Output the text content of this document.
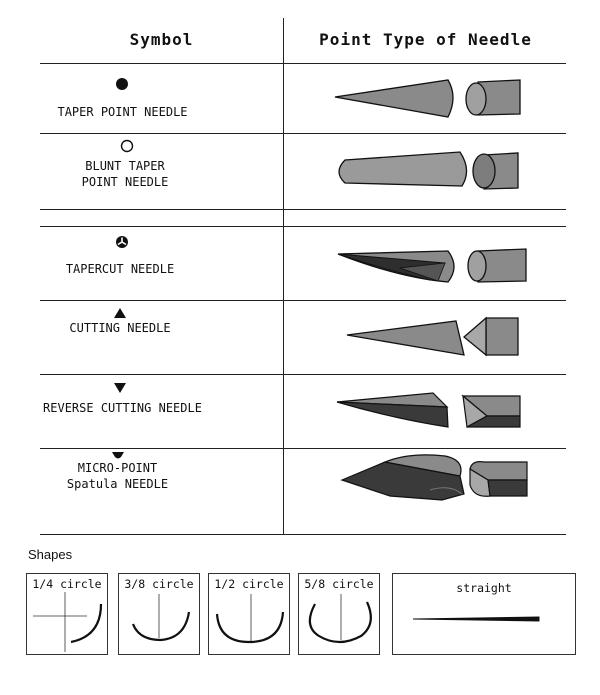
Symbol	Point Type of Needle
TAPER POINT NEEDLE
BLUNT TAPER
POINT NEEDLE
TAPERCUT NEEDLE
CUTTING NEEDLE
REVERSE CUTTING NEEDLE
MICRO-POINT
Spatula NEEDLE
Shapes
1/4 circle	3/8 circle	1/2 circle	5/8 circle	straight
